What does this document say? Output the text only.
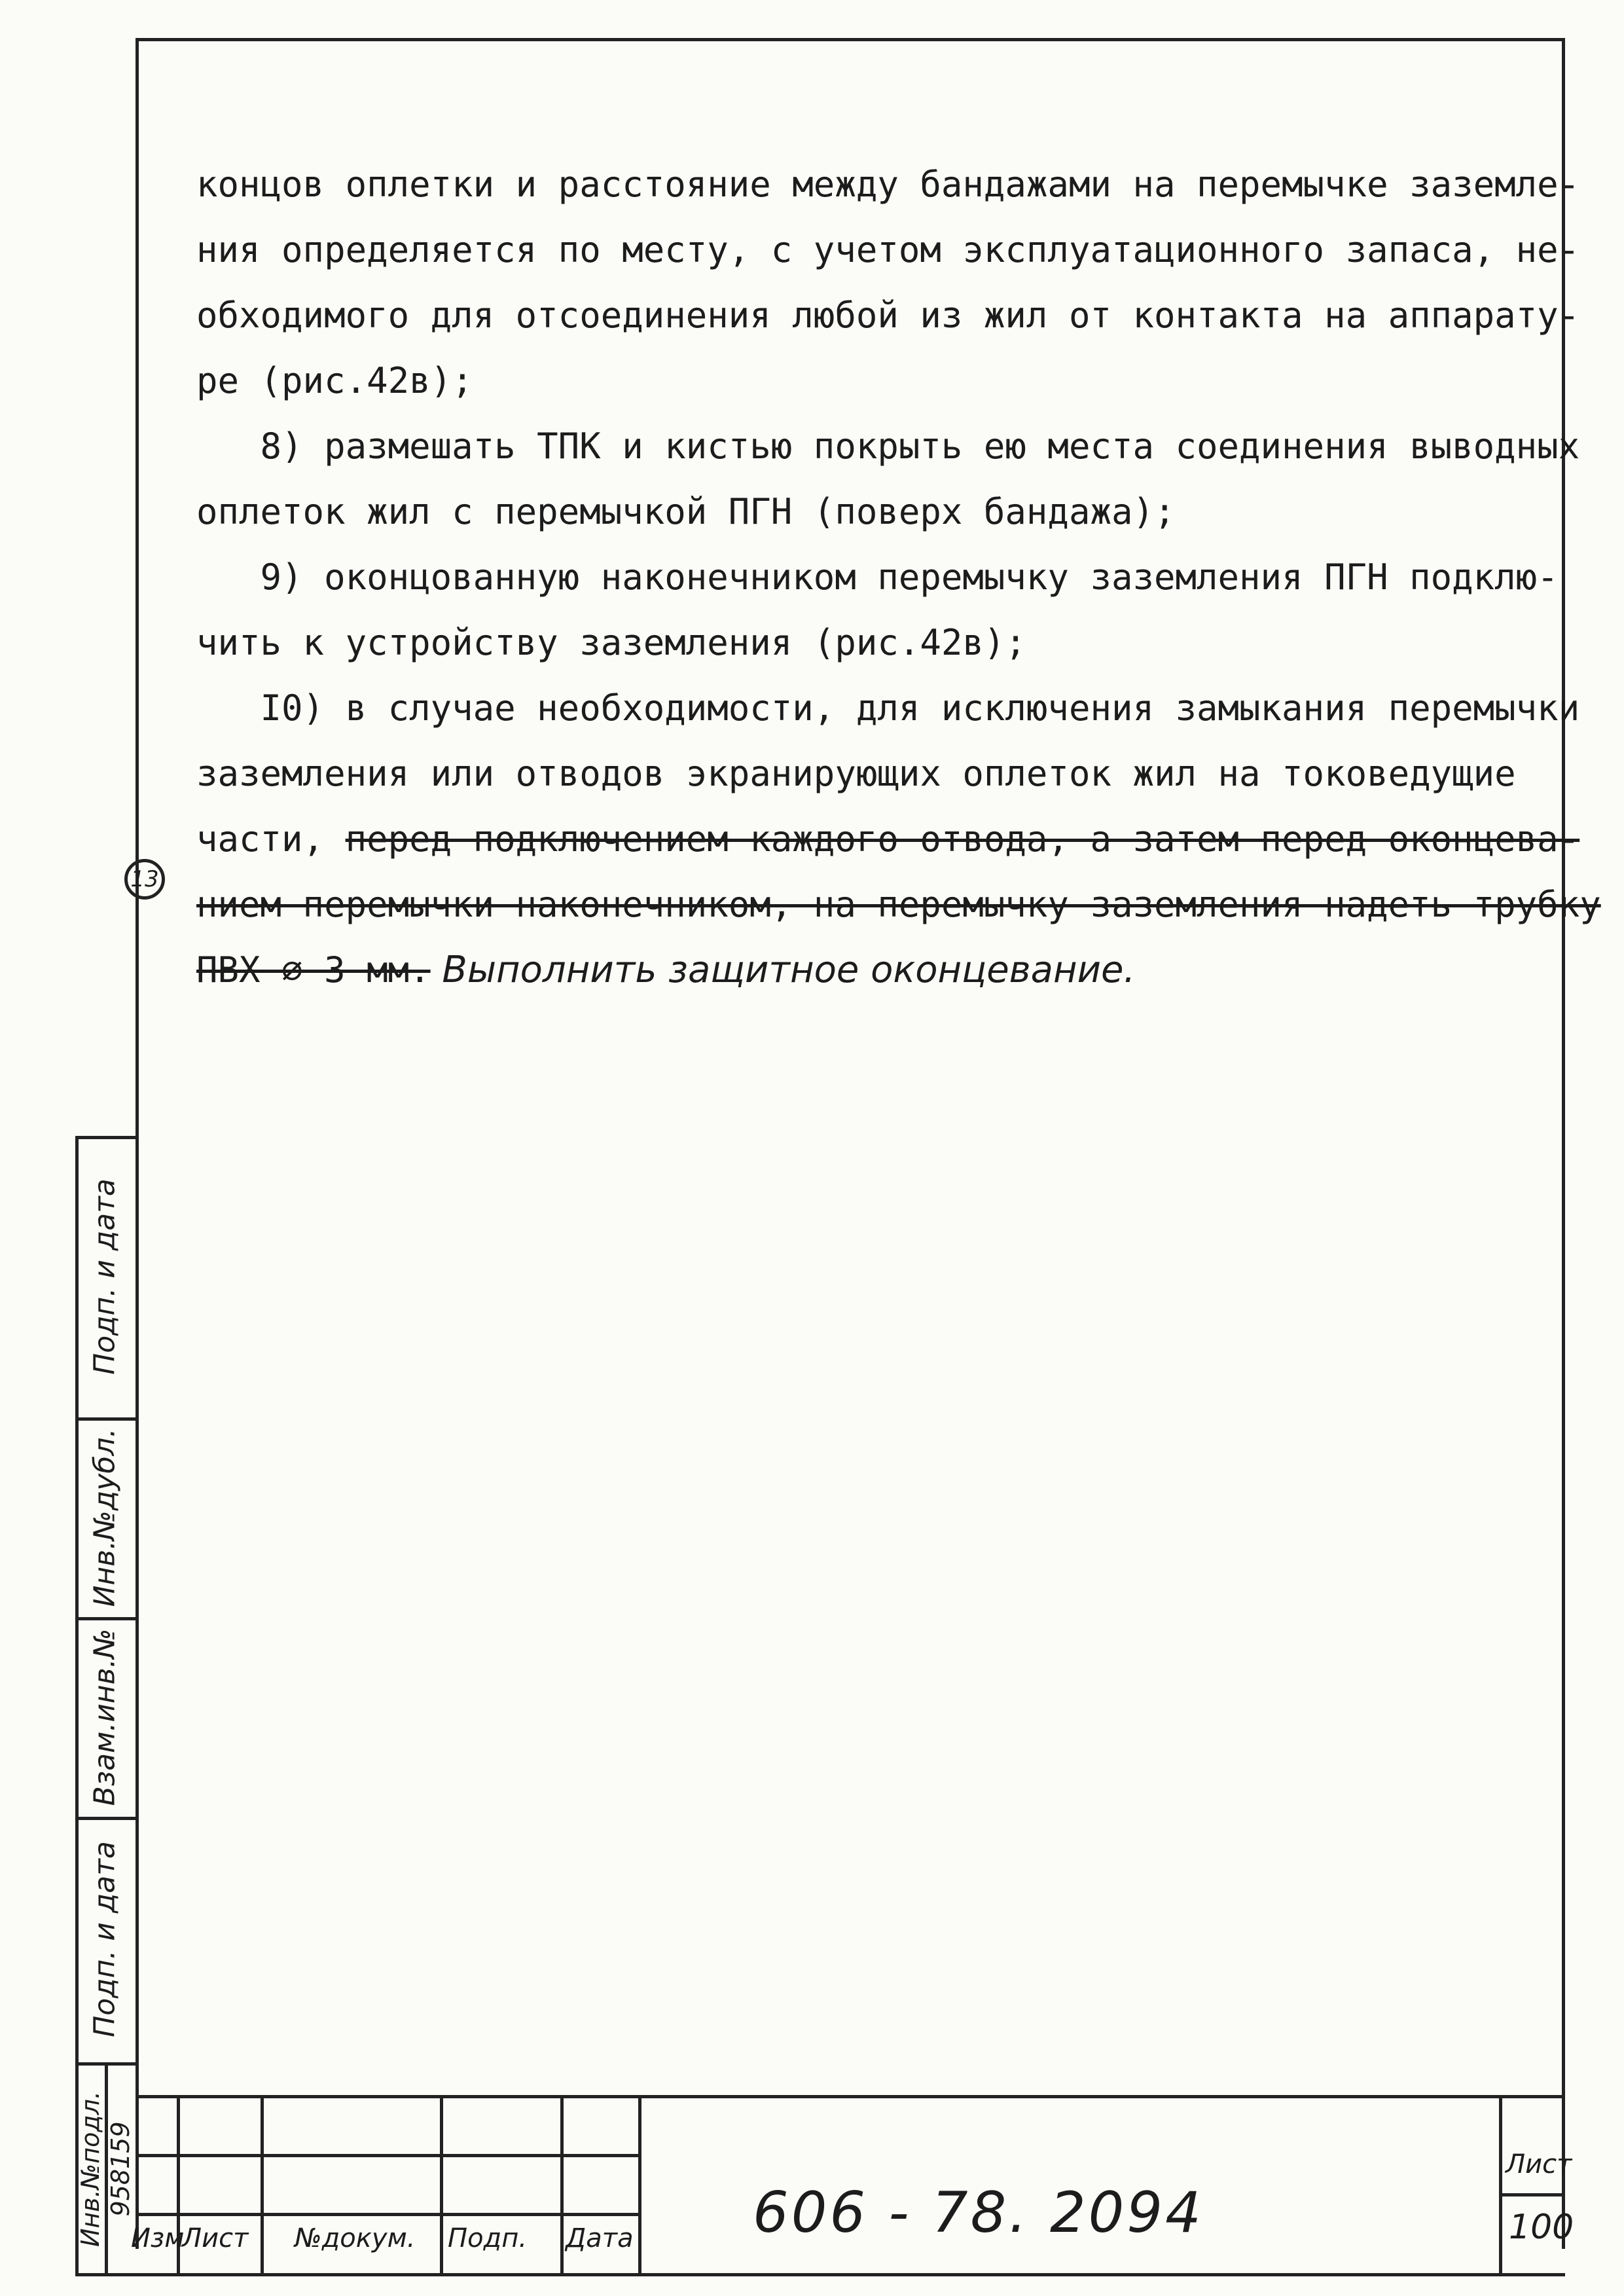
концов оплетки и расстояние между бандажами на перемычке заземле-

ния определяется по месту, с учетом эксплуатационного запаса, не-

обходимого для отсоединения любой из жил от контакта на аппарату-

ре (рис.42в);

8) размешать ТПК и кистью покрыть ею места соединения выводных

оплеток жил с перемычкой ПГН (поверх бандажа);

9) оконцованную наконечником перемычку заземления ПГН подклю-

чить к устройству заземления (рис.42в);

I0) в случае необходимости, для исключения замыкания перемычки

заземления или отводов экранирующих оплеток жил на токоведущие

части, перед подключением каждого отвода, а затем перед оконцева-

нием перемычки наконечником, на перемычку заземления надеть трубку

ПВХ ∅ 3 мм. Выполнить защитное оконцевание.

13
Подп. и дата
Инв.№дубл.
Взам.инв.№
Подп. и дата
Инв.№подл. 958159
Изм
Лист №докум. Подп. Дата 606 - 78. 2094
Лист
100
